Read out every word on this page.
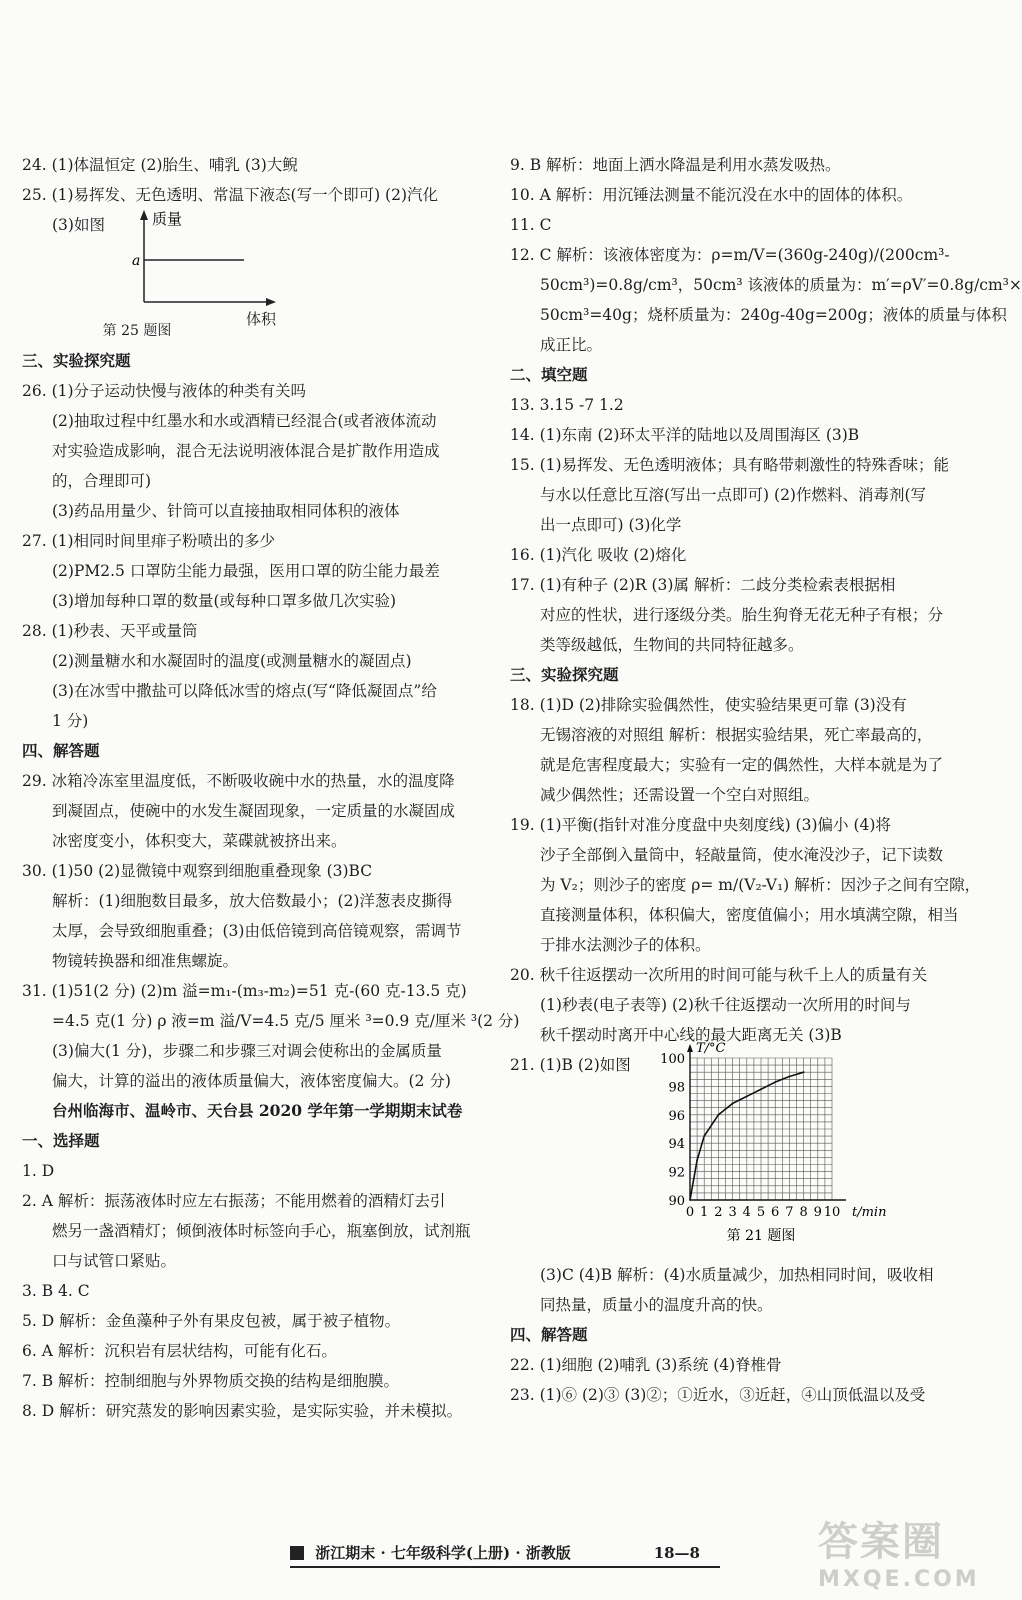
24. (1)体温恒定 (2)胎生、哺乳 (3)大鲵
25. (1)易挥发、无色透明、常温下液态(写一个即可) (2)汽化
(3)如图	质量
a
体积
第 25 题图
三、实验探究题
26. (1)分子运动快慢与液体的种类有关吗
(2)抽取过程中红墨水和水或酒精已经混合(或者液体流动
对实验造成影响，混合无法说明液体混合是扩散作用造成
的，合理即可)
(3)药品用量少、针筒可以直接抽取相同体积的液体
27. (1)相同时间里痱子粉喷出的多少
(2)PM2.5 口罩防尘能力最强，医用口罩的防尘能力最差
(3)增加每种口罩的数量(或每种口罩多做几次实验)
28. (1)秒表、天平或量筒
(2)测量糖水和水凝固时的温度(或测量糖水的凝固点)
(3)在冰雪中撒盐可以降低冰雪的熔点(写“降低凝固点”给
1 分)
四、解答题
29. 冰箱冷冻室里温度低，不断吸收碗中水的热量，水的温度降
到凝固点，使碗中的水发生凝固现象，一定质量的水凝固成
冰密度变小，体积变大，菜碟就被挤出来。
30. (1)50 (2)显微镜中观察到细胞重叠现象 (3)BC
解析：(1)细胞数目最多，放大倍数最小；(2)洋葱表皮撕得
太厚，会导致细胞重叠；(3)由低倍镜到高倍镜观察，需调节
物镜转换器和细准焦螺旋。
31. (1)51(2 分) (2)m 溢=m₁-(m₃-m₂)=51 克-(60 克-13.5 克)
=4.5 克(1 分) ρ 液=m 溢/V=4.5 克/5 厘米 ³=0.9 克/厘米 ³(2 分)
(3)偏大(1 分)，步骤二和步骤三对调会使称出的金属质量
偏大，计算的溢出的液体质量偏大，液体密度偏大。(2 分)
台州临海市、温岭市、天台县 2020 学年第一学期期末试卷
一、选择题
1. D
2. A 解析：振荡液体时应左右振荡；不能用燃着的酒精灯去引
燃另一盏酒精灯；倾倒液体时标签向手心，瓶塞倒放，试剂瓶
口与试管口紧贴。
3. B 4. C
5. D 解析：金鱼藻种子外有果皮包被，属于被子植物。
6. A 解析：沉积岩有层状结构，可能有化石。
7. B 解析：控制细胞与外界物质交换的结构是细胞膜。
8. D 解析：研究蒸发的影响因素实验，是实际实验，并未模拟。
9. B 解析：地面上洒水降温是利用水蒸发吸热。
10. A 解析：用沉锤法测量不能沉没在水中的固体的体积。
11. C
12. C 解析：该液体密度为：ρ=m/V=(360g-240g)/(200cm³-
50cm³)=0.8g/cm³，50cm³ 该液体的质量为：m′=ρV′=0.8g/cm³×
50cm³=40g；烧杯质量为：240g-40g=200g；液体的质量与体积
成正比。
二、填空题
13. 3.15 -7 1.2
14. (1)东南 (2)环太平洋的陆地以及周围海区 (3)B
15. (1)易挥发、无色透明液体；具有略带刺激性的特殊香味；能
与水以任意比互溶(写出一点即可) (2)作燃料、消毒剂(写
出一点即可) (3)化学
16. (1)汽化 吸收 (2)熔化
17. (1)有种子 (2)R (3)属 解析：二歧分类检索表根据相
对应的性状，进行逐级分类。胎生狗脊无花无种子有根；分
类等级越低，生物间的共同特征越多。
三、实验探究题
18. (1)D (2)排除实验偶然性，使实验结果更可靠 (3)没有
无锡溶液的对照组 解析：根据实验结果，死亡率最高的，
就是危害程度最大；实验有一定的偶然性，大样本就是为了
减少偶然性；还需设置一个空白对照组。
19. (1)平衡(指针对准分度盘中央刻度线) (3)偏小 (4)将
沙子全部倒入量筒中，轻敲量筒，使水淹没沙子，记下读数
为 V₂；则沙子的密度 ρ= m/(V₂-V₁) 解析：因沙子之间有空隙，
直接测量体积，体积偏大，密度值偏小；用水填满空隙，相当
于排水法测沙子的体积。
20. 秋千往返摆动一次所用的时间可能与秋千上人的质量有关
(1)秒表(电子表等) (2)秋千往返摆动一次所用的时间与
秋千摆动时离开中心线的最大距离无关 (3)B
21. (1)B (2)如图
0 1 2 3 4 5 6 7 8 9 10
90
92
94
96
98
100
t/min
T/°C
第 21 题图
(3)C (4)B 解析：(4)水质量减少，加热相同时间，吸收相
同热量，质量小的温度升高的快。
四、解答题
22. (1)细胞 (2)哺乳 (3)系统 (4)脊椎骨
23. (1)⑥ (2)③ (3)②；①近水，③近赶，④山顶低温以及受
浙江期末 · 七年级科学(上册) · 浙教版	18—8	答案圈
MXQE.COM
